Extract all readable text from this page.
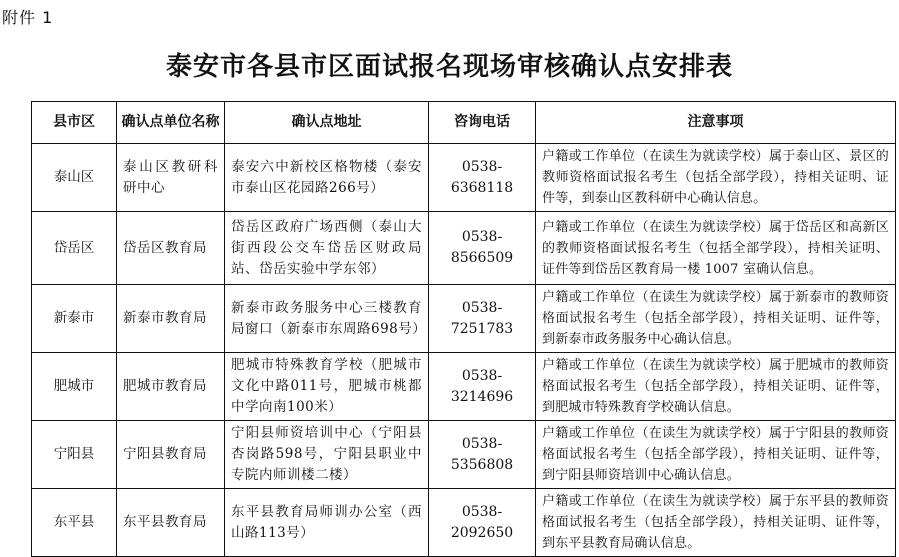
附件 1
泰安市各县市区面试报名现场审核确认点安排表
县市区	确认点单位名称	确认点地址	咨询电话	注意事项
泰山区	泰山区教研科研中心	泰安六中新校区格物楼（泰安市泰山区花园路266号）	0538-6368118	户籍或工作单位（在读生为就读学校）属于泰山区、景区的教师资格面试报名考生（包括全部学段），持相关证明、证件等，到泰山区教科研中心确认信息。
岱岳区	岱岳区教育局	岱岳区政府广场西侧（泰山大街西段公交车岱岳区财政局站、岱岳实验中学东邻）	0538-8566509	户籍或工作单位（在读生为就读学校）属于岱岳区和高新区的教师资格面试报名考生（包括全部学段），持相关证明、证件等到岱岳区教育局一楼 1007 室确认信息。
新泰市	新泰市教育局	新泰市政务服务中心三楼教育局窗口（新泰市东周路698号）	0538-7251783	户籍或工作单位（在读生为就读学校）属于新泰市的教师资格面试报名考生（包括全部学段），持相关证明、证件等，到新泰市政务服务中心确认信息。
肥城市	肥城市教育局	肥城市特殊教育学校（肥城市文化中路011号，肥城市桃都中学向南100米）	0538-3214696	户籍或工作单位（在读生为就读学校）属于肥城市的教师资格面试报名考生（包括全部学段），持相关证明、证件等，到肥城市特殊教育学校确认信息。
宁阳县	宁阳县教育局	宁阳县师资培训中心（宁阳县杏岗路598号，宁阳县职业中专院内师训楼二楼）	0538-5356808	户籍或工作单位（在读生为就读学校）属于宁阳县的教师资格面试报名考生（包括全部学段），持相关证明、证件等，到宁阳县师资培训中心确认信息。
东平县	东平县教育局	东平县教育局师训办公室（西山路113号）	0538-2092650	户籍或工作单位（在读生为就读学校）属于东平县的教师资格面试报名考生（包括全部学段），持相关证明、证件等，到东平县教育局确认信息。
